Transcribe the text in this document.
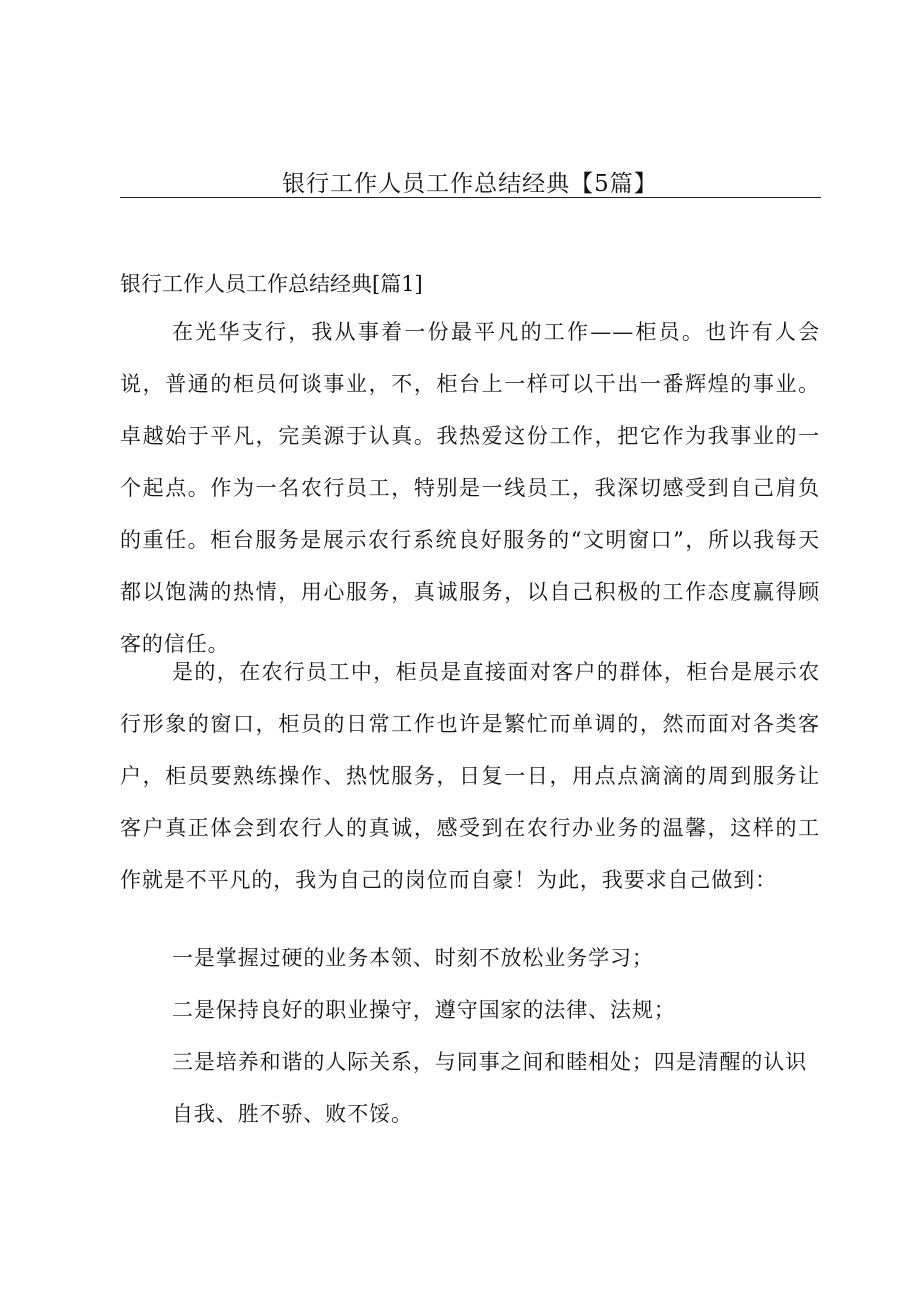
银行工作人员工作总结经典【5篇】
银行工作人员工作总结经典[篇1]

在光华支行，我从事着一份最平凡的工作——柜员。也许有人会说，普通的柜员何谈事业，不，柜台上一样可以干出一番辉煌的事业。卓越始于平凡，完美源于认真。我热爱这份工作，把它作为我事业的一个起点。作为一名农行员工，特别是一线员工，我深切感受到自己肩负的重任。柜台服务是展示农行系统良好服务的“文明窗口”，所以我每天都以饱满的热情，用心服务，真诚服务，以自己积极的工作态度赢得顾客的信任。

是的，在农行员工中，柜员是直接面对客户的群体，柜台是展示农行形象的窗口，柜员的日常工作也许是繁忙而单调的，然而面对各类客户，柜员要熟练操作、热忱服务，日复一日，用点点滴滴的周到服务让客户真正体会到农行人的真诚，感受到在农行办业务的温馨，这样的工作就是不平凡的，我为自己的岗位而自豪！为此，我要求自己做到：

一是掌握过硬的业务本领、时刻不放松业务学习；
二是保持良好的职业操守，遵守国家的法律、法规；
三是培养和谐的人际关系，与同事之间和睦相处；四是清醒的认识自我、胜不骄、败不馁。
